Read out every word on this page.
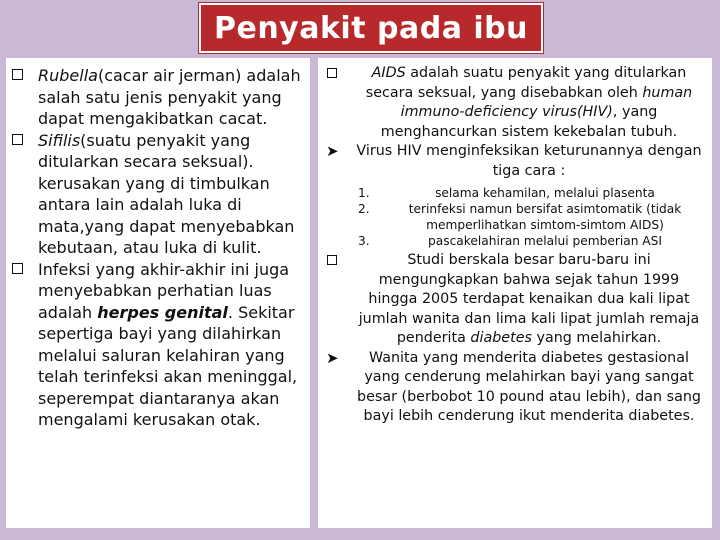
Penyakit pada ibu
Rubella(cacar air jerman) adalah salah satu jenis penyakit yang dapat mengakibatkan cacat.
Sifilis(suatu penyakit yang ditularkan secara seksual). kerusakan yang di timbulkan antara lain adalah luka di mata,yang dapat menyebabkan kebutaan, atau luka di kulit.
Infeksi yang akhir-akhir ini juga menyebabkan perhatian luas adalah herpes genital. Sekitar sepertiga bayi yang dilahirkan melalui saluran kelahiran yang telah terinfeksi akan meninggal, seperempat diantaranya akan mengalami kerusakan otak.
AIDS adalah suatu penyakit yang ditularkan secara seksual, yang disebabkan oleh human immuno-deficiency virus(HIV), yang menghancurkan sistem kekebalan tubuh.
➤ Virus HIV menginfeksikan keturunannya dengan tiga cara :
1.	selama kehamilan, melalui plasenta
2.	terinfeksi namun bersifat asimtomatik (tidak memperlihatkan simtom-simtom AIDS)
3.	pascakelahiran melalui pemberian ASI
Studi berskala besar baru-baru ini mengungkapkan bahwa sejak tahun 1999 hingga 2005 terdapat kenaikan dua kali lipat jumlah wanita dan lima kali lipat jumlah remaja penderita diabetes yang melahirkan.
➤ Wanita yang menderita diabetes gestasional yang cenderung melahirkan bayi yang sangat besar (berbobot 10 pound atau lebih), dan sang bayi lebih cenderung ikut menderita diabetes.
